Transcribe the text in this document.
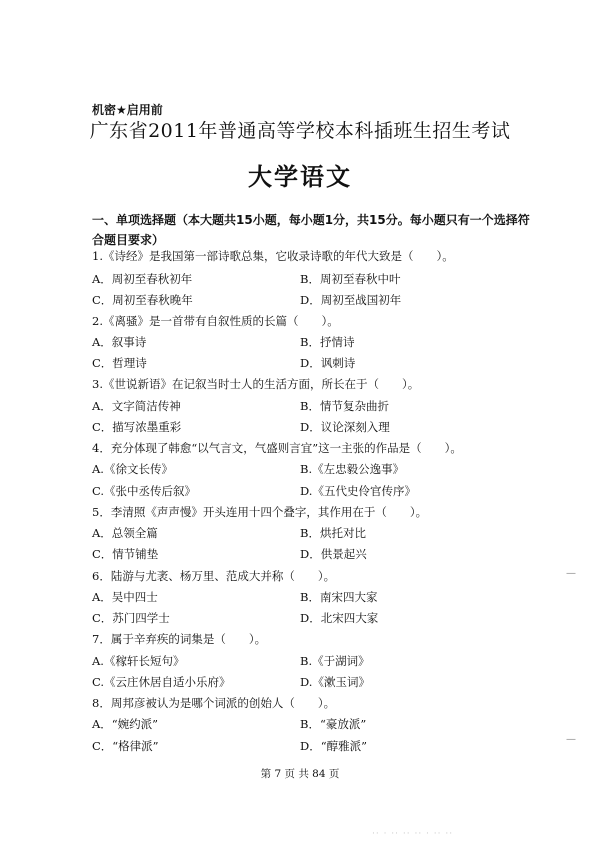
机密★启用前
广东省2011年普通高等学校本科插班生招生考试
大学语文
一、单项选择题（本大题共15小题，每小题1分，共15分。每小题只有一个选择符合题目要求）
1.《诗经》是我国第一部诗歌总集，它收录诗歌的年代大致是（　　）。
A．周初至春秋初年	B．周初至春秋中叶
C．周初至春秋晚年	D．周初至战国初年
2.《离骚》是一首带有自叙性质的长篇（　　）。
A．叙事诗	B．抒情诗
C．哲理诗	D．讽刺诗
3.《世说新语》在记叙当时士人的生活方面，所长在于（　　）。
A．文字简洁传神	B．情节复杂曲折
C．描写浓墨重彩	D．议论深刻入理
4．充分体现了韩愈“以气言文，气盛则言宜”这一主张的作品是（　　）。
A.《徐文长传》	B.《左忠毅公逸事》
C.《张中丞传后叙》	D.《五代史伶官传序》
5．李清照《声声慢》开头连用十四个叠字，其作用在于（　　）。
A．总领全篇	B．烘托对比
C．情节铺垫	D．供景起兴
6．陆游与尤袤、杨万里、范成大并称（　　）。
A．吴中四士	B．南宋四大家
C．苏门四学士	D．北宋四大家
7．属于辛弃疾的词集是（　　）。
A.《稼轩长短句》	B.《于湖词》
C.《云庄休居自适小乐府》	D.《漱玉词》
8．周邦彦被认为是哪个词派的创始人（　　）。
A．“婉约派”	B．“豪放派”
C．“格律派”	D．“醇雅派”
第 7 页 共 84 页
—
—
·· · ·· ·· ·· · ·· ··
